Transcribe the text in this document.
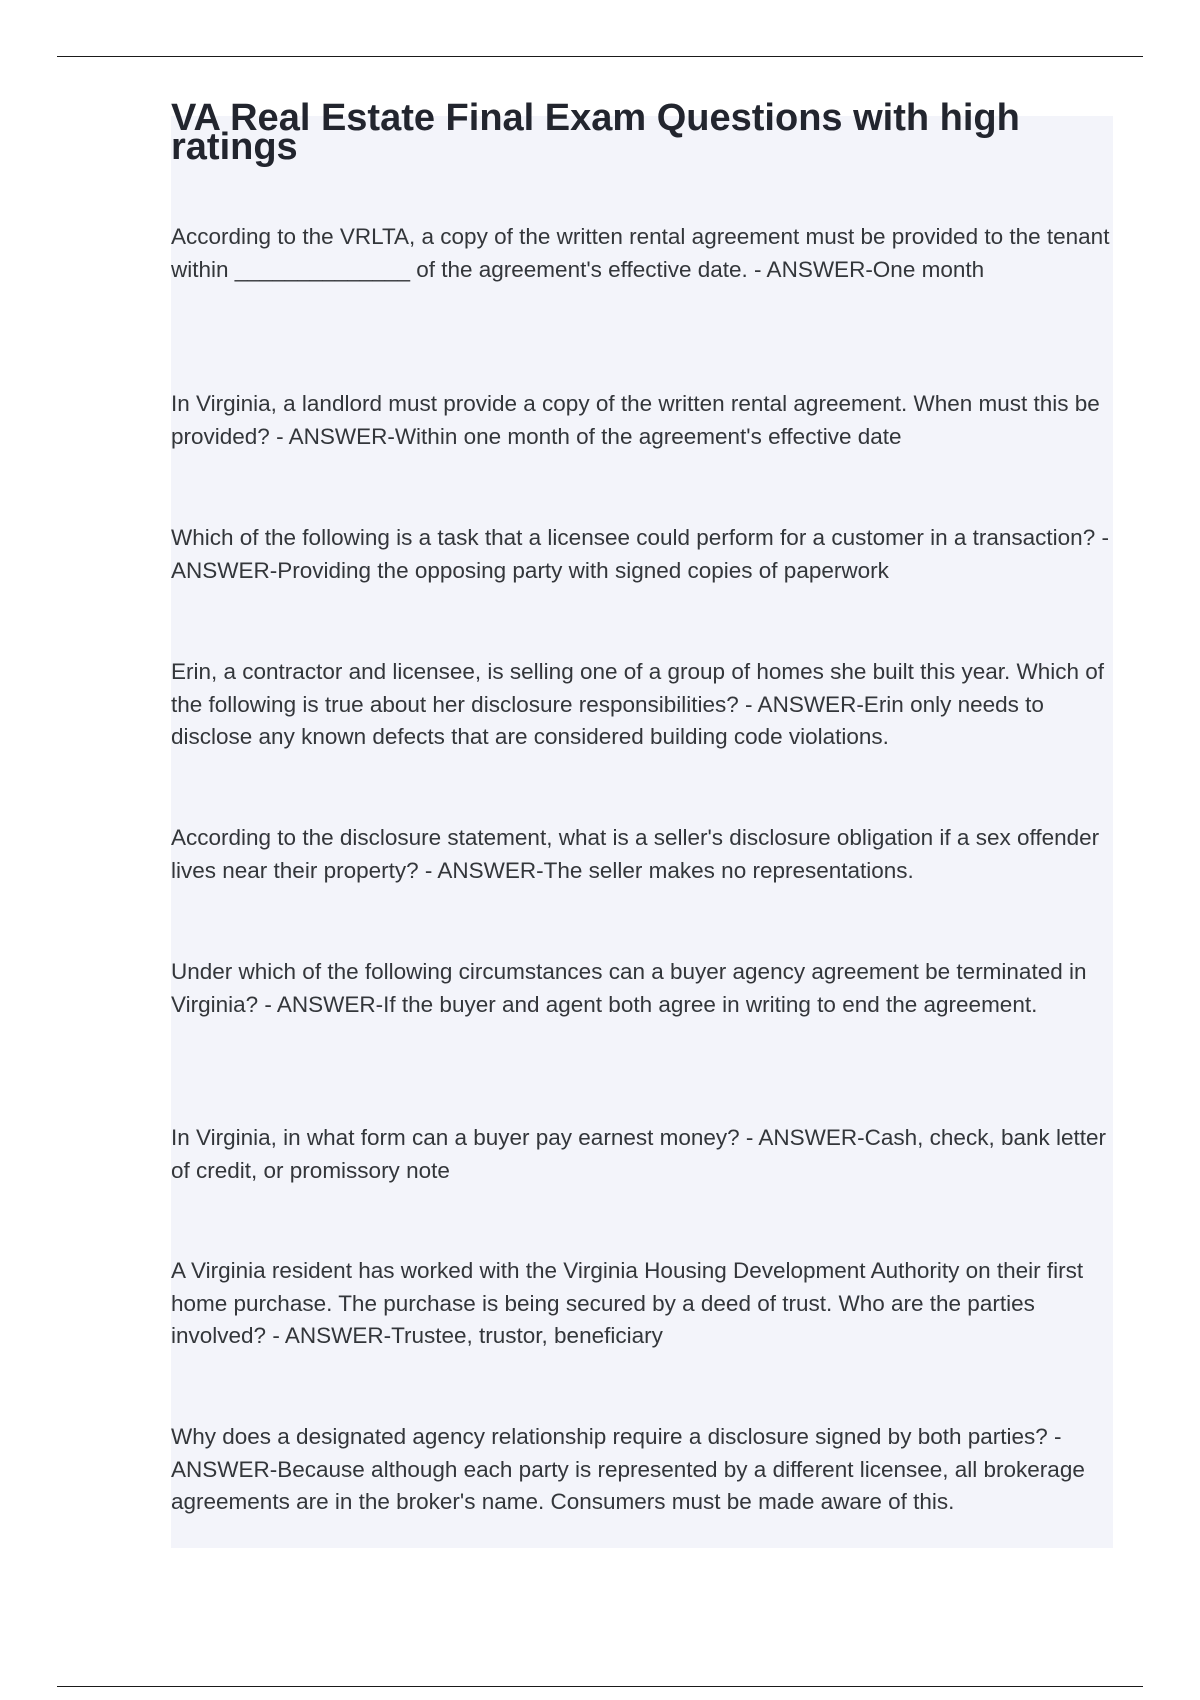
VA Real Estate Final Exam Questions with high ratings

According to the VRLTA, a copy of the written rental agreement must be provided to the tenant within ______________ of the agreement's effective date. - ANSWER-One month

In Virginia, a landlord must provide a copy of the written rental agreement. When must this be provided? - ANSWER-Within one month of the agreement's effective date

Which of the following is a task that a licensee could perform for a customer in a transaction? - ANSWER-Providing the opposing party with signed copies of paperwork

Erin, a contractor and licensee, is selling one of a group of homes she built this year. Which of the following is true about her disclosure responsibilities? - ANSWER-Erin only needs to disclose any known defects that are considered building code violations.

According to the disclosure statement, what is a seller's disclosure obligation if a sex offender lives near their property? - ANSWER-The seller makes no representations.

Under which of the following circumstances can a buyer agency agreement be terminated in Virginia? - ANSWER-If the buyer and agent both agree in writing to end the agreement.

In Virginia, in what form can a buyer pay earnest money? - ANSWER-Cash, check, bank letter of credit, or promissory note

A Virginia resident has worked with the Virginia Housing Development Authority on their first home purchase. The purchase is being secured by a deed of trust. Who are the parties involved? - ANSWER-Trustee, trustor, beneficiary

Why does a designated agency relationship require a disclosure signed by both parties? - ANSWER-Because although each party is represented by a different licensee, all brokerage agreements are in the broker's name. Consumers must be made aware of this.
